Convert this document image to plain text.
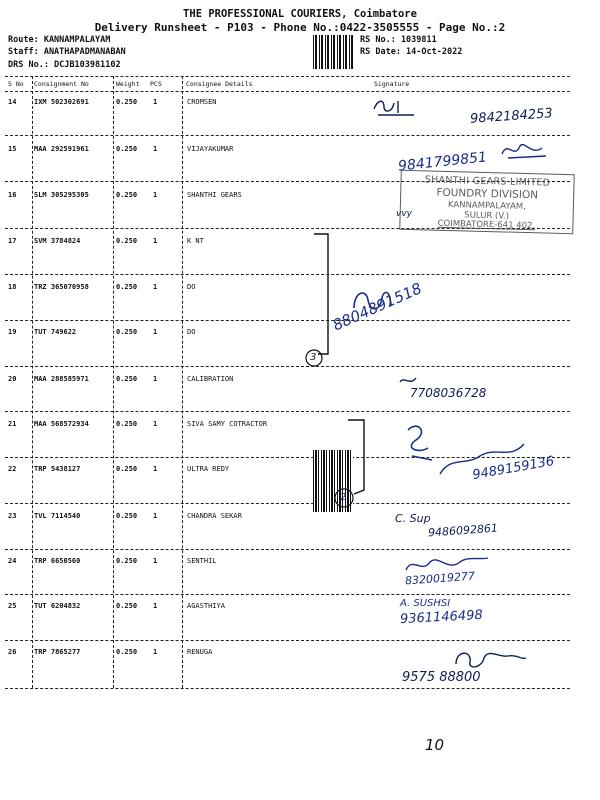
THE PROFESSIONAL COURIERS, Coimbatore
Delivery Runsheet - P103 - Phone No.:0422-3505555 - Page No.:2
Route: KANNAMPALAYAM
Staff: ANATHAPADMANABAN
DRS No.: DCJB103981102
RS No.: 1039811
RS Date: 14-Oct-2022
S No Consignment No	Weight PCS	Consignee Details	Signature
14	IXM 502302691	0.250 1	CROMSEN
15	MAA 292591961	0.250 1	VIJAYAKUMAR
16	SLM 305295305	0.250 1	SHANTHI GEARS
17	SVM 3784824	0.250 1	K NT
18	TRZ 365070958	0.250 1	DO
19	TUT 749622	0.250 1	DO
20	MAA 288585971	0.250 1	CALIBRATION
21	MAA 568572934	0.250 1	SIVA SAMY COTRACTOR
22	TRP 5438127	0.250 1	ULTRA REDY
23	TVL 7114540	0.250 1	CHANDRA SEKAR
24	TRP 6650560	0.250 1	SENTHIL
25	TUT 6204832	0.250 1	AGASTHIYA
26	TRP 7865277	0.250 1	RENUGA
SHANTHI GEARS LIMITED
FOUNDRY DIVISION
KANNAMPALAYAM,
SULUR (V.)
COIMBATORE-641 402.
9842184253
9841799851
vvy
3
8804891518
7708036728
2
9489159136
C. Sup
9486092861
8320019277
A. SUSHSI
9361146498
9575 88800
10
